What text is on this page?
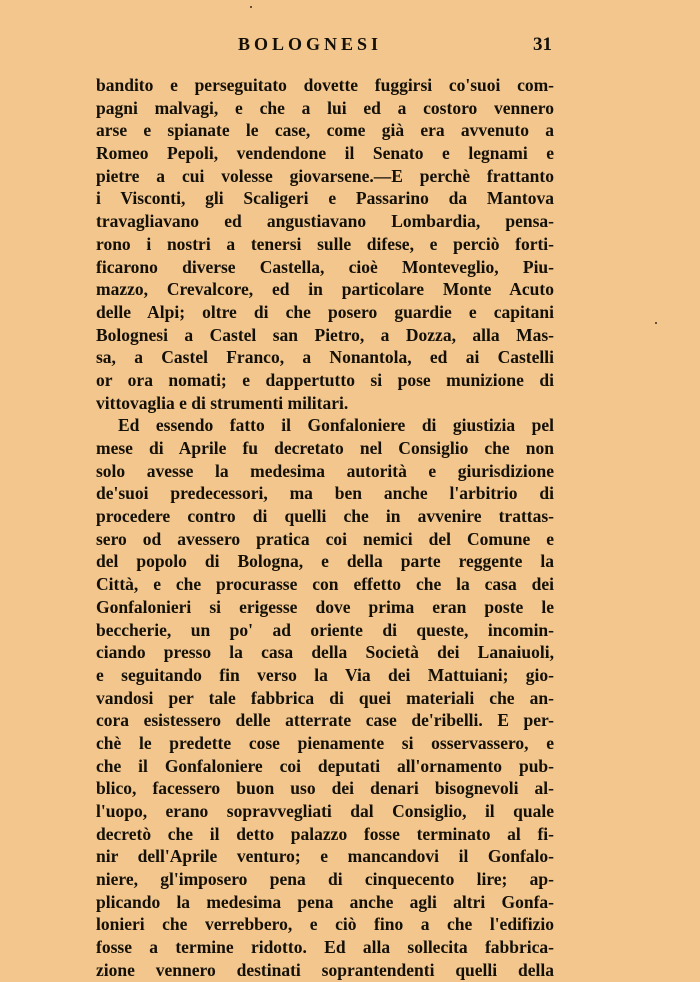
BOLOGNESI	31
bandito e perseguitato dovette fuggirsi co'suoi com-
pagni malvagi, e che a lui ed a costoro vennero
arse e spianate le case, come già era avvenuto a
Romeo Pepoli, vendendone il Senato e legnami e
pietre a cui volesse giovarsene.—E perchè frattanto
i Visconti, gli Scaligeri e Passarino da Mantova
travagliavano ed angustiavano Lombardia, pensa-
rono i nostri a tenersi sulle difese, e perciò forti-
ficarono diverse Castella, cioè Monteveglio, Piu-
mazzo, Crevalcore, ed in particolare Monte Acuto
delle Alpi; oltre di che posero guardie e capitani
Bolognesi a Castel san Pietro, a Dozza, alla Mas-
sa, a Castel Franco, a Nonantola, ed ai Castelli
or ora nomati; e dappertutto si pose munizione di
vittovaglia e di strumenti militari.
Ed essendo fatto il Gonfaloniere di giustizia pel
mese di Aprile fu decretato nel Consiglio che non
solo avesse la medesima autorità e giurisdizione
de'suoi predecessori, ma ben anche l'arbitrio di
procedere contro di quelli che in avvenire trattas-
sero od avessero pratica coi nemici del Comune e
del popolo di Bologna, e della parte reggente la
Città, e che procurasse con effetto che la casa dei
Gonfalonieri si erigesse dove prima eran poste le
beccherie, un po' ad oriente di queste, incomin-
ciando presso la casa della Società dei Lanaiuoli,
e seguitando fin verso la Via dei Mattuiani; gio-
vandosi per tale fabbrica di quei materiali che an-
cora esistessero delle atterrate case de'ribelli. E per-
chè le predette cose pienamente si osservassero, e
che il Gonfaloniere coi deputati all'ornamento pub-
blico, facessero buon uso dei denari bisognevoli al-
l'uopo, erano sopravvegliati dal Consiglio, il quale
decretò che il detto palazzo fosse terminato al fi-
nir dell'Aprile venturo; e mancandovi il Gonfalo-
niere, gl'imposero pena di cinquecento lire; ap-
plicando la medesima pena anche agli altri Gonfa-
lonieri che verrebbero, e ciò fino a che l'edifizio
fosse a termine ridotto. Ed alla sollecita fabbrica-
zione vennero destinati soprantendenti quelli della
